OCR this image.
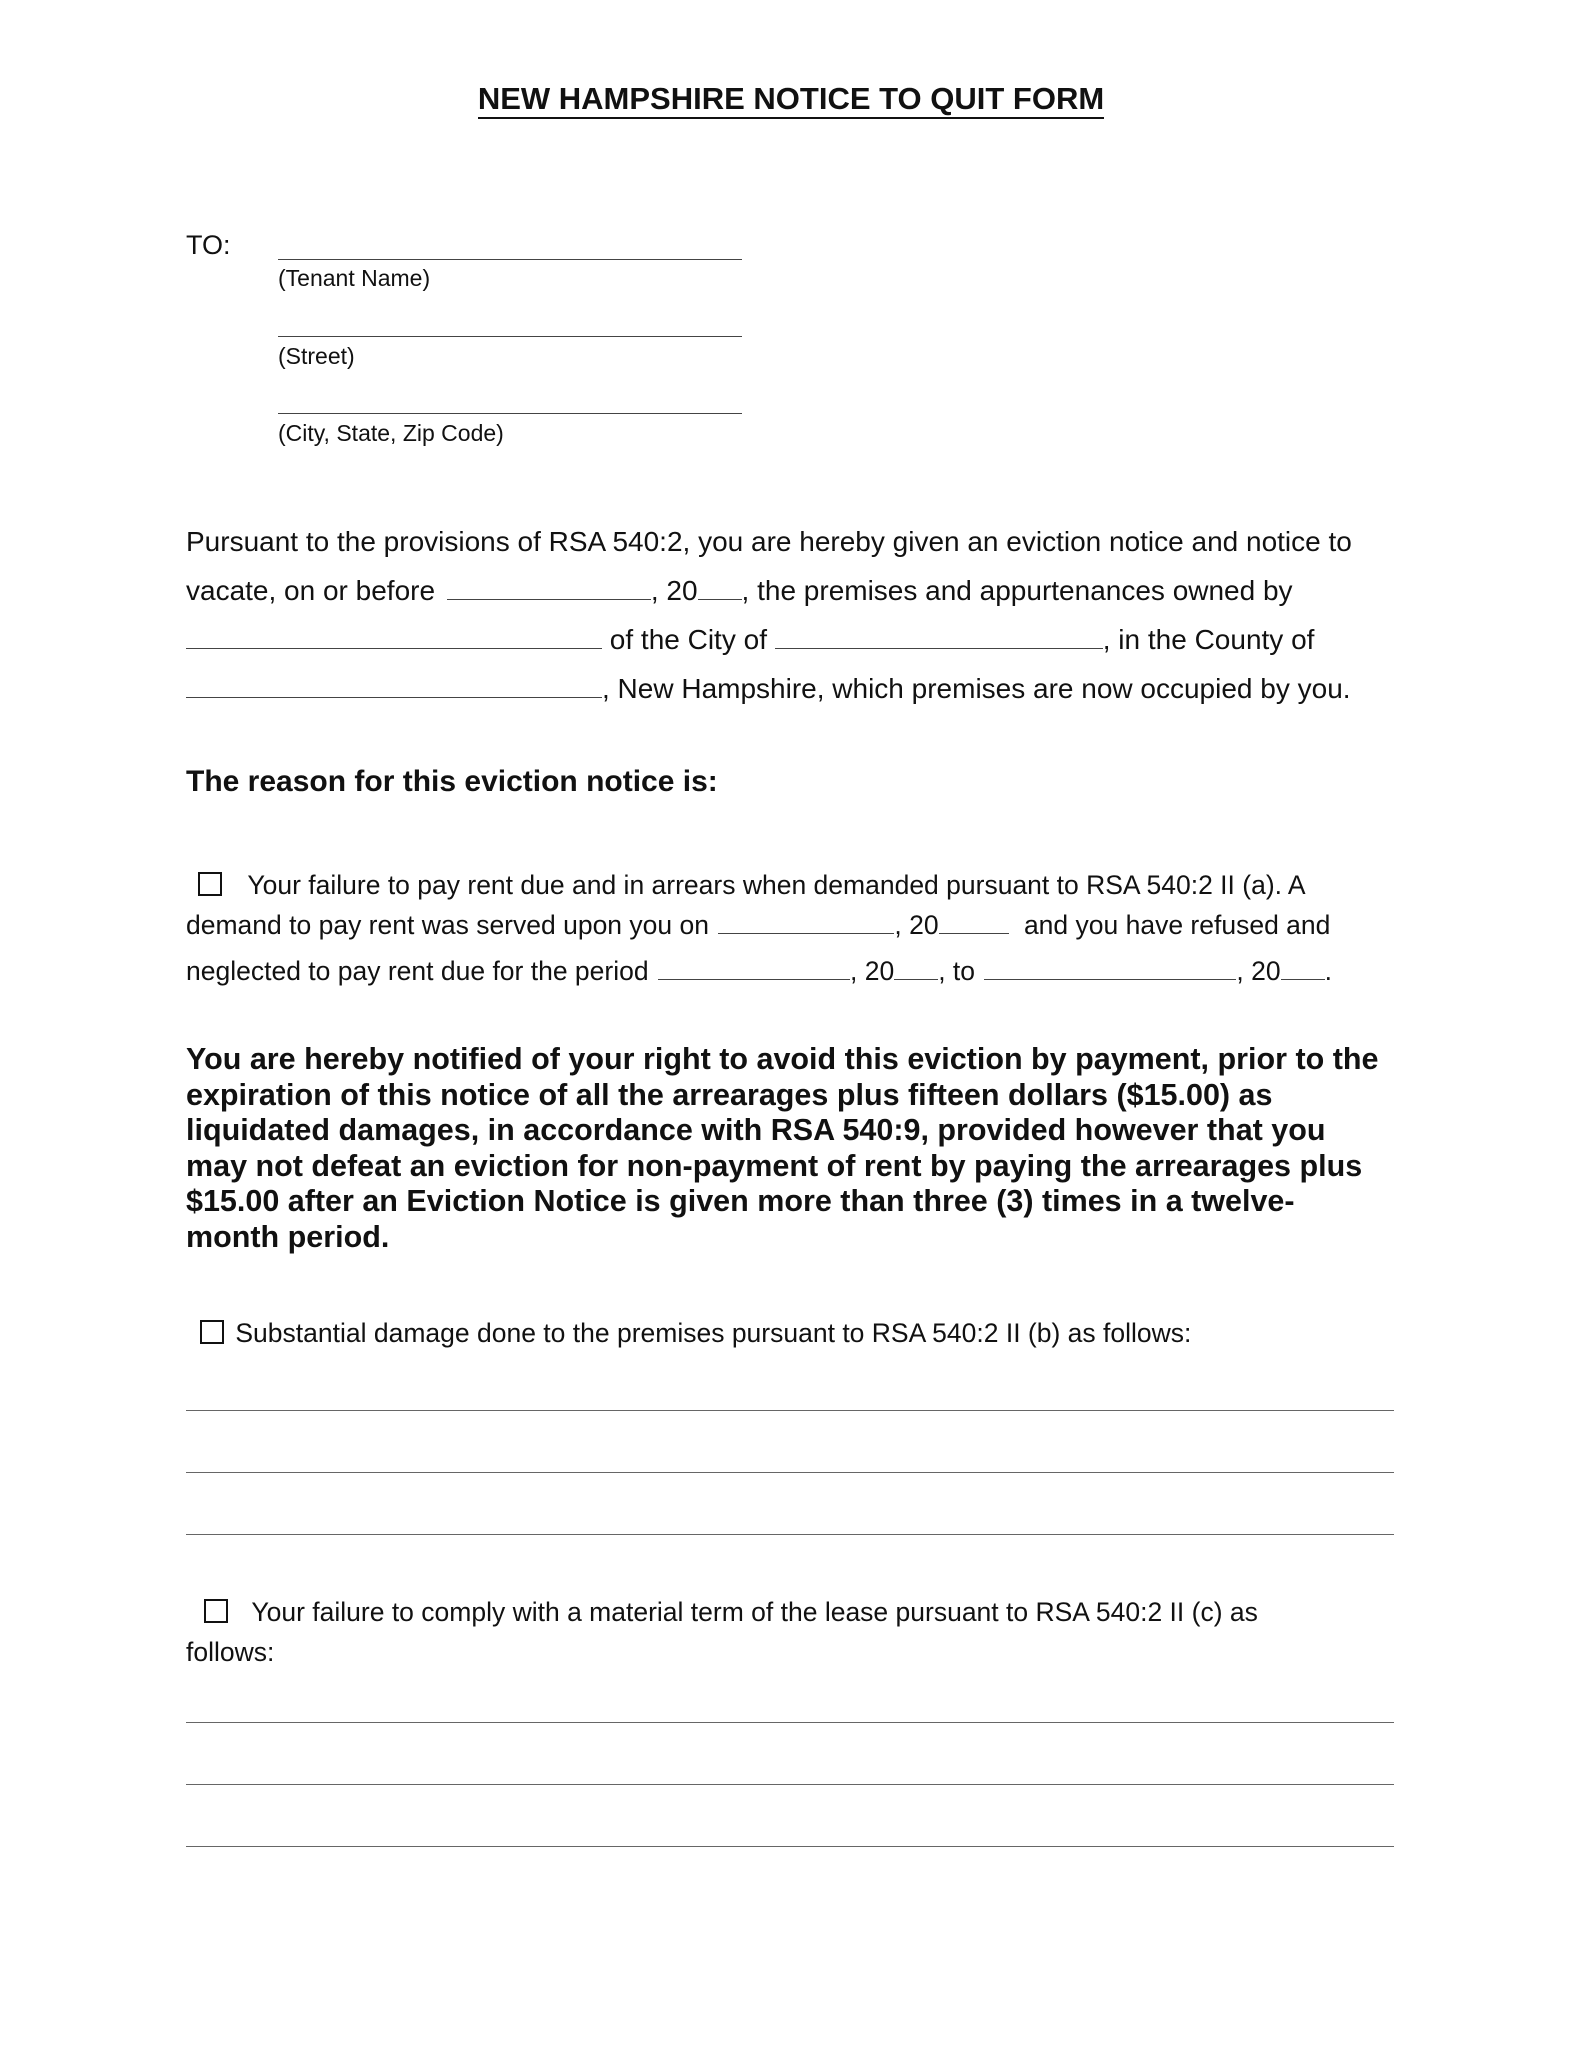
NEW HAMPSHIRE NOTICE TO QUIT FORM
TO:
(Tenant Name)
(Street)
(City, State, Zip Code)
Pursuant to the provisions of RSA 540:2, you are hereby given an eviction notice and notice to
vacate, on or before	, 20 , the premises and appurtenances owned by
of the City of	, in the County of
, New Hampshire, which premises are now occupied by you.
The reason for this eviction notice is:
Your failure to pay rent due and in arrears when demanded pursuant to RSA 540:2 II (a). A
demand to pay rent was served upon you on	, 20	and you have refused and
neglected to pay rent due for the period	, 20 , to	, 20 .
You are hereby notified of your right to avoid this eviction by payment, prior to the expiration of this notice of all the arrearages plus fifteen dollars ($15.00) as liquidated damages, in accordance with RSA 540:9, provided however that you may not defeat an eviction for non-payment of rent by paying the arrearages plus $15.00 after an Eviction Notice is given more than three (3) times in a twelve-month period.
Substantial damage done to the premises pursuant to RSA 540:2 II (b) as follows:
Your failure to comply with a material term of the lease pursuant to RSA 540:2 II (c) as
follows:
